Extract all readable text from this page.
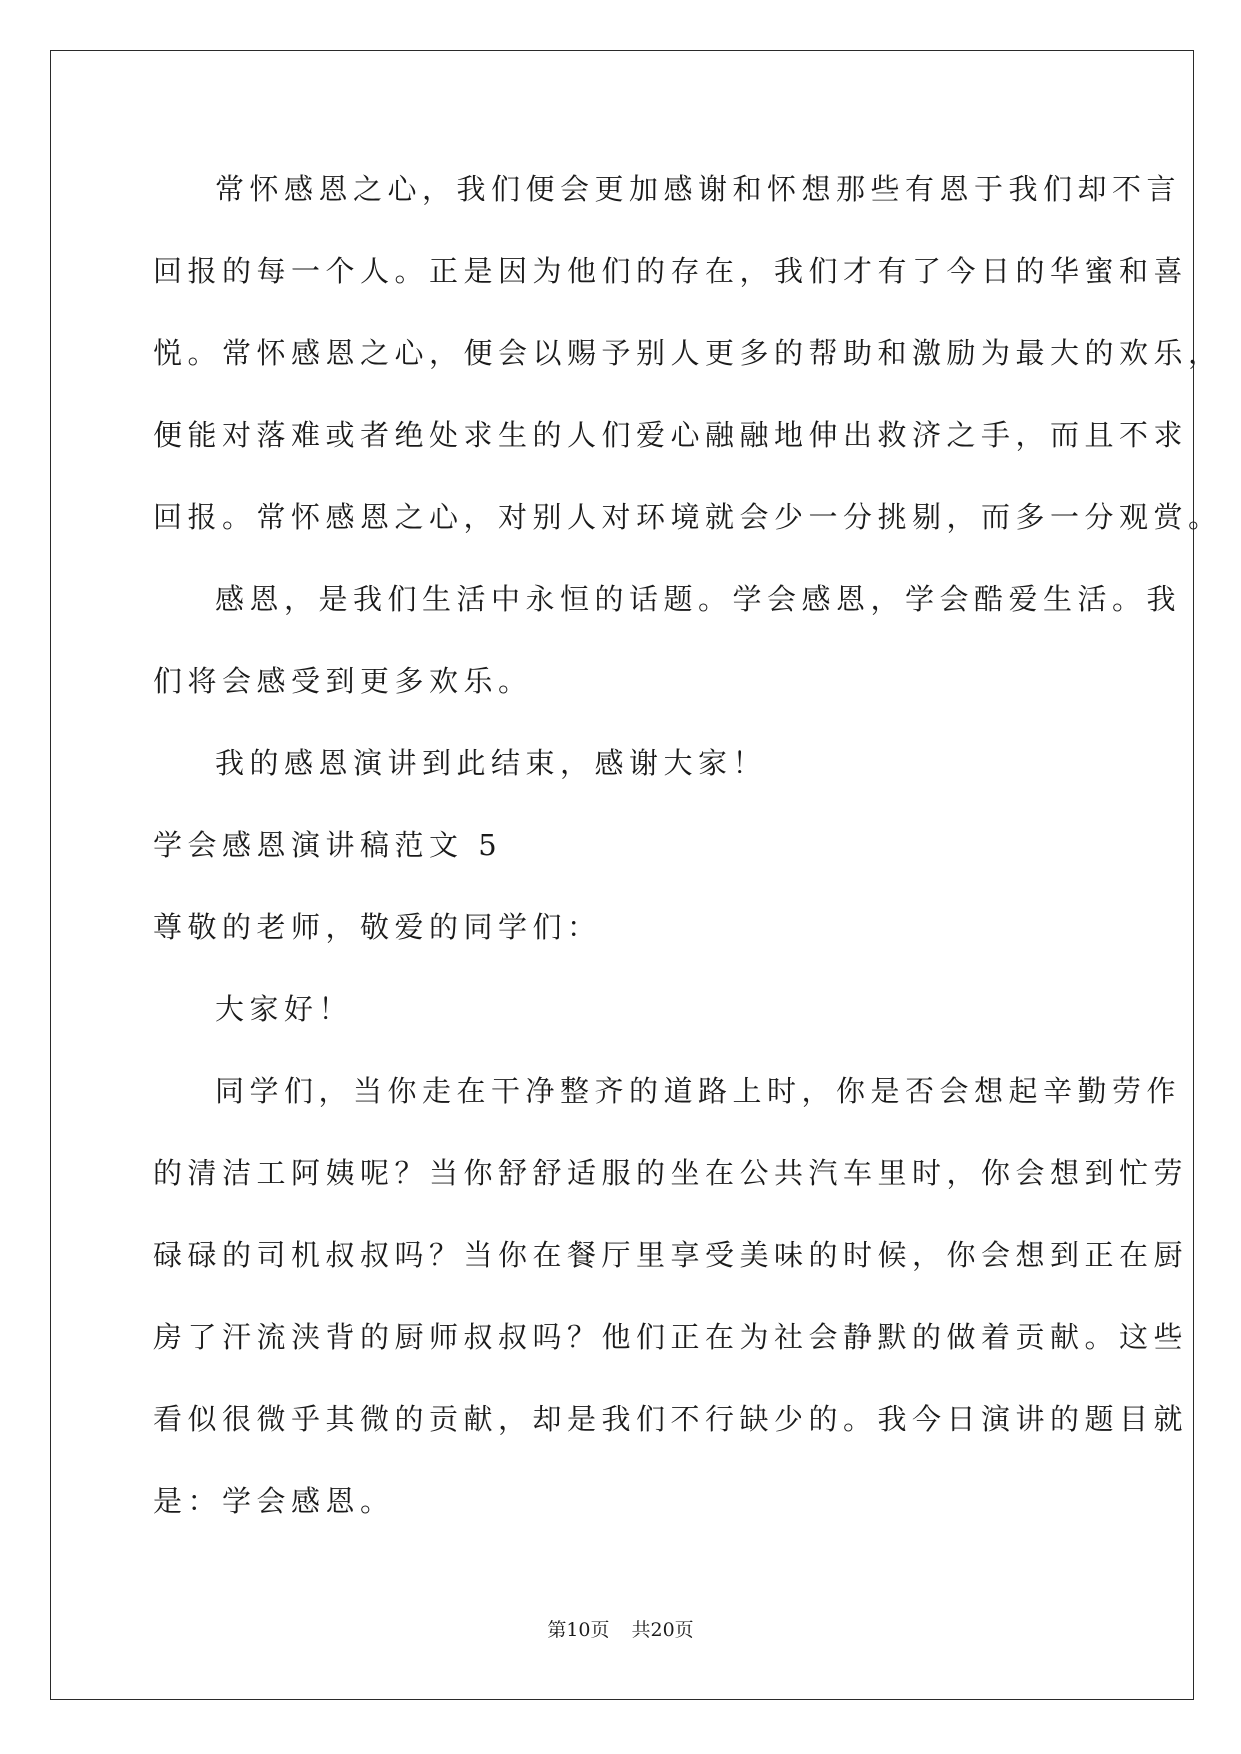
常怀感恩之心，我们便会更加感谢和怀想那些有恩于我们却不言
回报的每一个人。正是因为他们的存在，我们才有了今日的华蜜和喜
悦。常怀感恩之心，便会以赐予别人更多的帮助和激励为最大的欢乐，
便能对落难或者绝处求生的人们爱心融融地伸出救济之手，而且不求
回报。常怀感恩之心，对别人对环境就会少一分挑剔，而多一分观赏。
感恩，是我们生活中永恒的话题。学会感恩，学会酷爱生活。我
们将会感受到更多欢乐。
我的感恩演讲到此结束，感谢大家！
学会感恩演讲稿范文 5
尊敬的老师，敬爱的同学们：
大家好！
同学们，当你走在干净整齐的道路上时，你是否会想起辛勤劳作
的清洁工阿姨呢？当你舒舒适服的坐在公共汽车里时，你会想到忙劳
碌碌的司机叔叔吗？当你在餐厅里享受美味的时候，你会想到正在厨
房了汗流浃背的厨师叔叔吗？他们正在为社会静默的做着贡献。这些
看似很微乎其微的贡献，却是我们不行缺少的。我今日演讲的题目就
是：学会感恩。
第10页 共20页
